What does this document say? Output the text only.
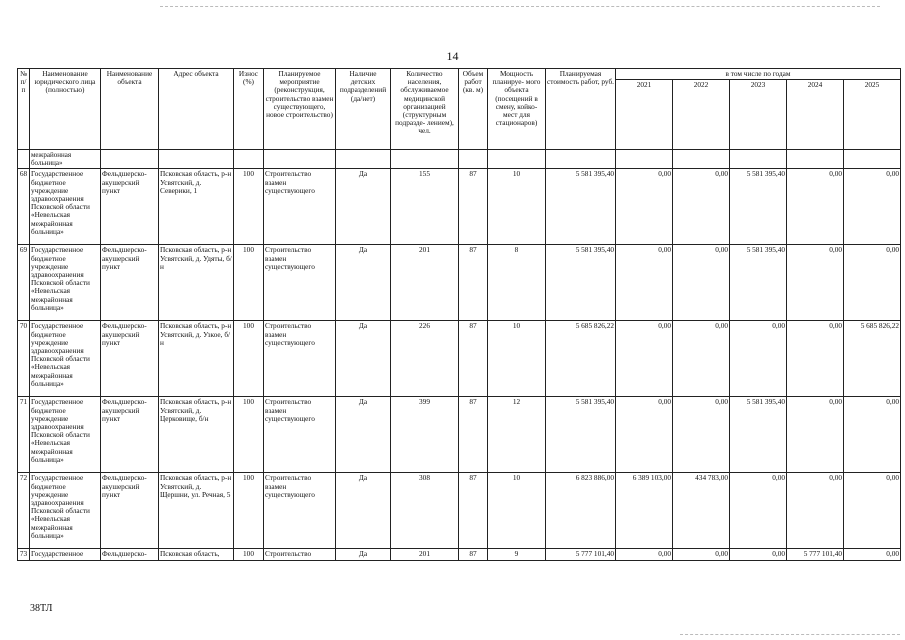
14
№ п/п	Наименование юридического лица (полностью)	Наименование объекта	Адрес объекта	Износ (%)	Планируемое мероприятие (реконструкция, строительство взамен существующего, новое строительство)	Наличие детских подразделений (да/нет)	Количество населения, обслуживаемое медицинской организацией (структурным подразде- лением), чел.	Объем работ (кв. м)	Мощность планируе- мого объекта (посещений в смену, койко-мест для стационаров)	Планируемая стоимость работ, руб.	в том числе по годам				
											2021	2022	2023	2024	2025
	межрайонная больница»														
68	Государственное бюджетное учреждение здравоохранения Псковской области «Невельская межрайонная больница»	Фельдшерско- акушерский пункт	Псковская область, р-н Усвятский, д. Северики, 1	100	Строительство взамен существующего	Да	155	87	10	5 581 395,40	0,00	0,00	5 581 395,40	0,00	0,00
69	Государственное бюджетное учреждение здравоохранения Псковской области «Невельская межрайонная больница»	Фельдшерско- акушерский пункт	Псковская область, р-н Усвятский, д. Удяты, б/н	100	Строительство взамен существующего	Да	201	87	8	5 581 395,40	0,00	0,00	5 581 395,40	0,00	0,00
70	Государственное бюджетное учреждение здравоохранения Псковской области «Невельская межрайонная больница»	Фельдшерско- акушерский пункт	Псковская область, р-н Усвятский, д. Узкое, б/н	100	Строительство взамен существующего	Да	226	87	10	5 685 826,22	0,00	0,00	0,00	0,00	5 685 826,22
71	Государственное бюджетное учреждение здравоохранения Псковской области «Невельская межрайонная больница»	Фельдшерско- акушерский пункт	Псковская область, р-н Усвятский, д. Церковище, б/н	100	Строительство взамен существующего	Да	399	87	12	5 581 395,40	0,00	0,00	5 581 395,40	0,00	0,00
72	Государственное бюджетное учреждение здравоохранения Псковской области «Невельская межрайонная больница»	Фельдшерско- акушерский пункт	Псковская область, р-н Усвятский, д. Щершни, ул. Речная, 5	100	Строительство взамен существующего	Да	308	87	10	6 823 886,00	6 389 103,00	434 783,00	0,00	0,00	0,00
73	Государственное	Фельдшерско-	Псковская область,	100	Строительство	Да	201	87	9	5 777 101,40	0,00	0,00	0,00	5 777 101,40	0,00
38ТЛ
